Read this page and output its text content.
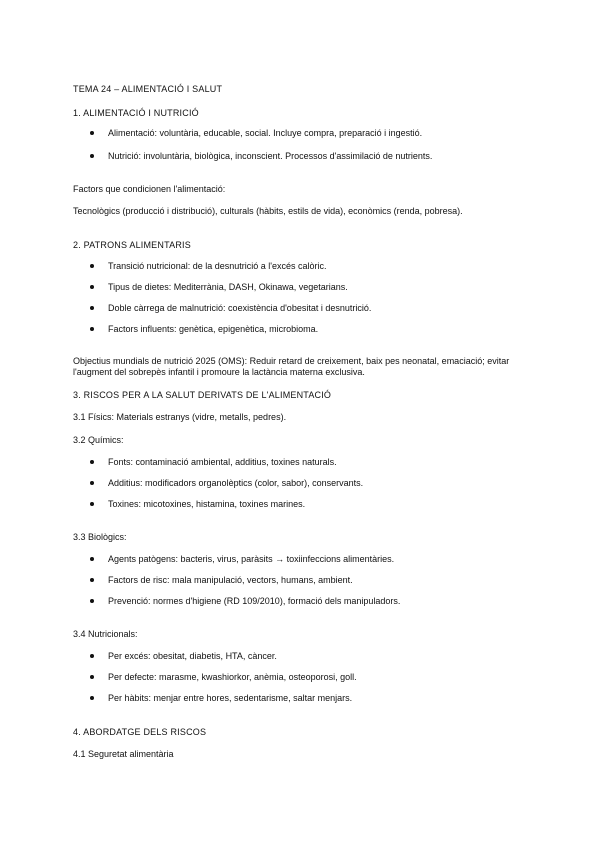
TEMA 24 – ALIMENTACIÓ I SALUT
1. ALIMENTACIÓ I NUTRICIÓ
Alimentació: voluntària, educable, social. Incluye compra, preparació i ingestió.
Nutrició: involuntària, biològica, inconscient. Processos d'assimilació de nutrients.
Factors que condicionen l'alimentació:
Tecnològics (producció i distribució), culturals (hàbits, estils de vida), econòmics (renda, pobresa).
2. PATRONS ALIMENTARIS
Transició nutricional: de la desnutrició a l'excés calòric.
Tipus de dietes: Mediterrània, DASH, Okinawa, vegetarians.
Doble càrrega de malnutrició: coexistència d'obesitat i desnutrició.
Factors influents: genètica, epigenètica, microbioma.
Objectius mundials de nutrició 2025 (OMS): Reduir retard de creixement, baix pes neonatal, emaciació; evitar l'augment del sobrepès infantil i promoure la lactància materna exclusiva.
3. RISCOS PER A LA SALUT DERIVATS DE L'ALIMENTACIÓ
3.1 Físics: Materials estranys (vidre, metalls, pedres).
3.2 Químics:
Fonts: contaminació ambiental, additius, toxines naturals.
Additius: modificadors organolèptics (color, sabor), conservants.
Toxines: micotoxines, histamina, toxines marines.
3.3 Biològics:
Agents patògens: bacteris, virus, paràsits → toxiinfeccions alimentàries.
Factors de risc: mala manipulació, vectors, humans, ambient.
Prevenció: normes d'higiene (RD 109/2010), formació dels manipuladors.
3.4 Nutricionals:
Per excés: obesitat, diabetis, HTA, càncer.
Per defecte: marasme, kwashiorkor, anèmia, osteoporosi, goll.
Per hàbits: menjar entre hores, sedentarisme, saltar menjars.
4. ABORDATGE DELS RISCOS
4.1 Seguretat alimentària
